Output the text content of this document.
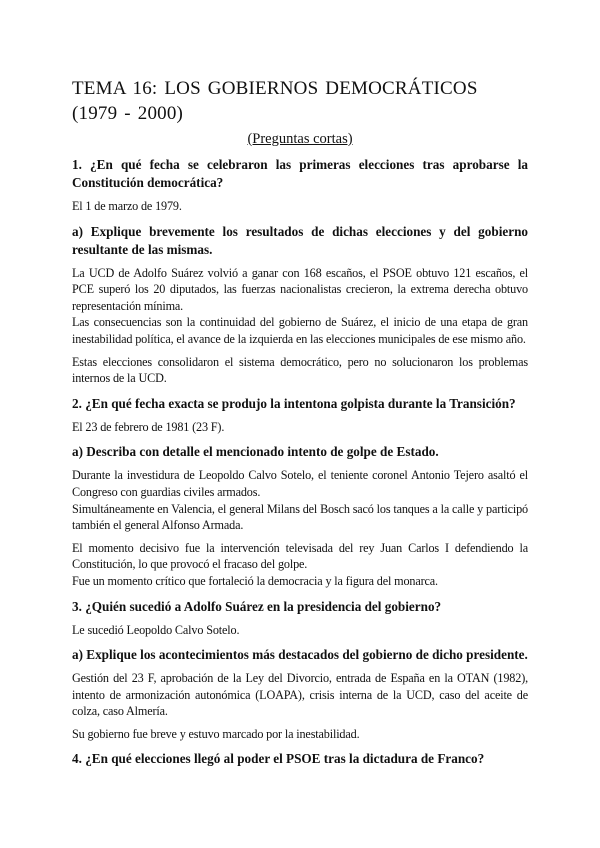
TEMA 16: LOS GOBIERNOS DEMOCRÁTICOS (1979 - 2000)
(Preguntas cortas)
1. ¿En qué fecha se celebraron las primeras elecciones tras aprobarse la Constitución democrática?
El 1 de marzo de 1979.
a) Explique brevemente los resultados de dichas elecciones y del gobierno resultante de las mismas.
La UCD de Adolfo Suárez volvió a ganar con 168 escaños, el PSOE obtuvo 121 escaños, el PCE superó los 20 diputados, las fuerzas nacionalistas crecieron, la extrema derecha obtuvo representación mínima.
Las consecuencias son la continuidad del gobierno de Suárez, el inicio de una etapa de gran inestabilidad política, el avance de la izquierda en las elecciones municipales de ese mismo año.
Estas elecciones consolidaron el sistema democrático, pero no solucionaron los problemas internos de la UCD.
2. ¿En qué fecha exacta se produjo la intentona golpista durante la Transición?
El 23 de febrero de 1981 (23 F).
a) Describa con detalle el mencionado intento de golpe de Estado.
Durante la investidura de Leopoldo Calvo Sotelo, el teniente coronel Antonio Tejero asaltó el Congreso con guardias civiles armados.
Simultáneamente en Valencia, el general Milans del Bosch sacó los tanques a la calle y participó también el general Alfonso Armada.
El momento decisivo fue la intervención televisada del rey Juan Carlos I defendiendo la Constitución, lo que provocó el fracaso del golpe.
Fue un momento crítico que fortaleció la democracia y la figura del monarca.
3. ¿Quién sucedió a Adolfo Suárez en la presidencia del gobierno?
Le sucedió Leopoldo Calvo Sotelo.
a) Explique los acontecimientos más destacados del gobierno de dicho presidente.
Gestión del 23 F, aprobación de la Ley del Divorcio, entrada de España en la OTAN (1982), intento de armonización autonómica (LOAPA), crisis interna de la UCD, caso del aceite de colza, caso Almería.
Su gobierno fue breve y estuvo marcado por la inestabilidad.
4. ¿En qué elecciones llegó al poder el PSOE tras la dictadura de Franco?
